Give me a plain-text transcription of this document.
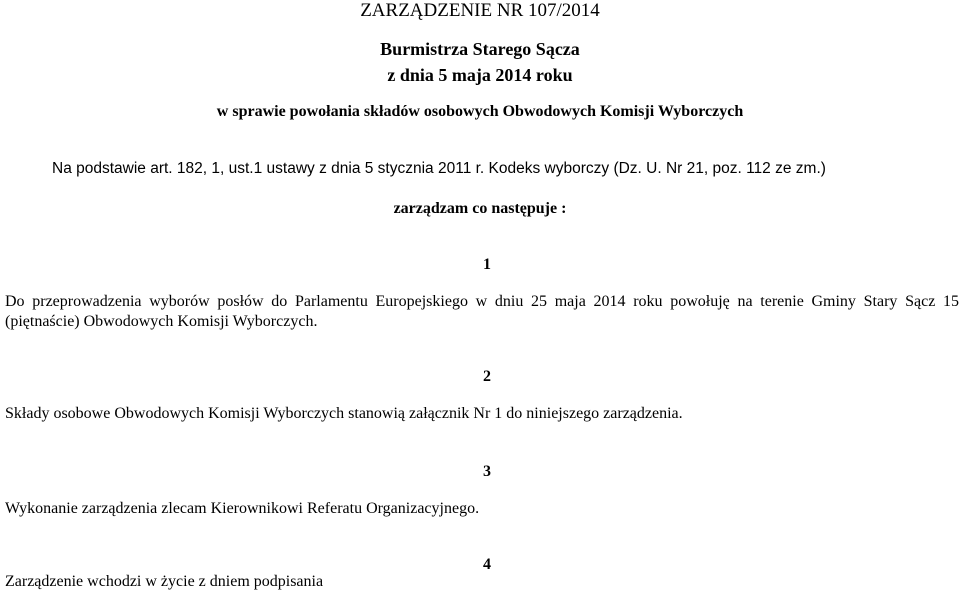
ZARZĄDZENIE NR 107/2014
Burmistrza Starego Sącza
z dnia 5 maja 2014 roku
w sprawie powołania składów osobowych Obwodowych Komisji Wyborczych
Na podstawie art. 182, 1, ust.1 ustawy z dnia 5 stycznia 2011 r. Kodeks wyborczy (Dz. U. Nr 21, poz. 112 ze zm.)
zarządzam co następuje :
1
Do przeprowadzenia wyborów posłów do Parlamentu Europejskiego w dniu 25 maja 2014 roku powołuję na terenie Gminy Stary Sącz 15 (piętnaście) Obwodowych Komisji Wyborczych.
2
Składy osobowe Obwodowych Komisji Wyborczych stanowią załącznik Nr 1 do niniejszego zarządzenia.
3
Wykonanie zarządzenia zlecam Kierownikowi Referatu Organizacyjnego.
4
Zarządzenie wchodzi w życie z dniem podpisania
